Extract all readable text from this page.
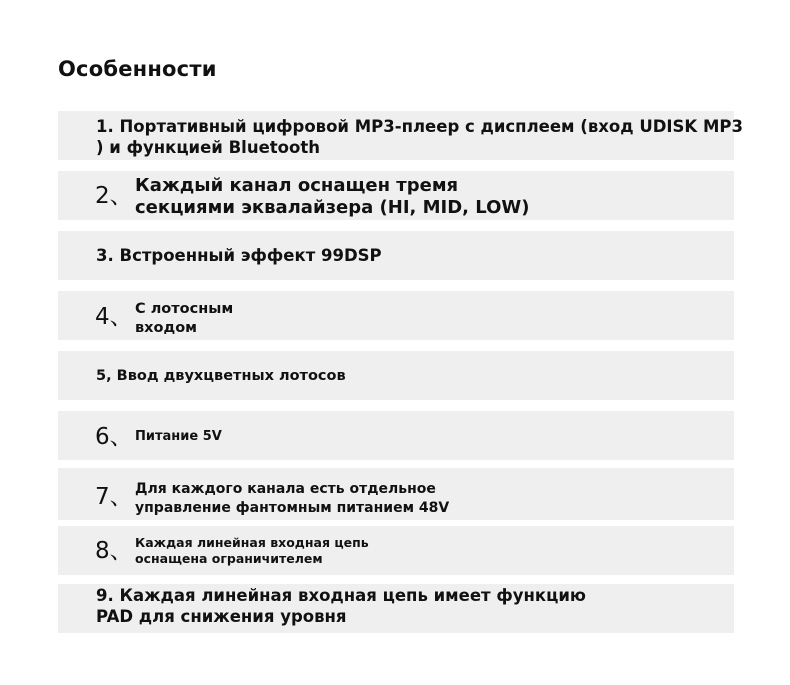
Особенности
1. Портативный цифровой MP3-плеер с дисплеем (вход UDISK MP3
) и функцией Bluetooth
2、 Каждый канал оснащен тремя
секциями эквалайзера (HI, MID, LOW)
3. Встроенный эффект 99DSP
4、 С лотосным
входом
5, Ввод двухцветных лотосов
6、 Питание 5V
7、 Для каждого канала есть отдельное
управление фантомным питанием 48V
8、 Каждая линейная входная цепь
оснащена ограничителем
9. Каждая линейная входная цепь имеет функцию
PAD для снижения уровня
